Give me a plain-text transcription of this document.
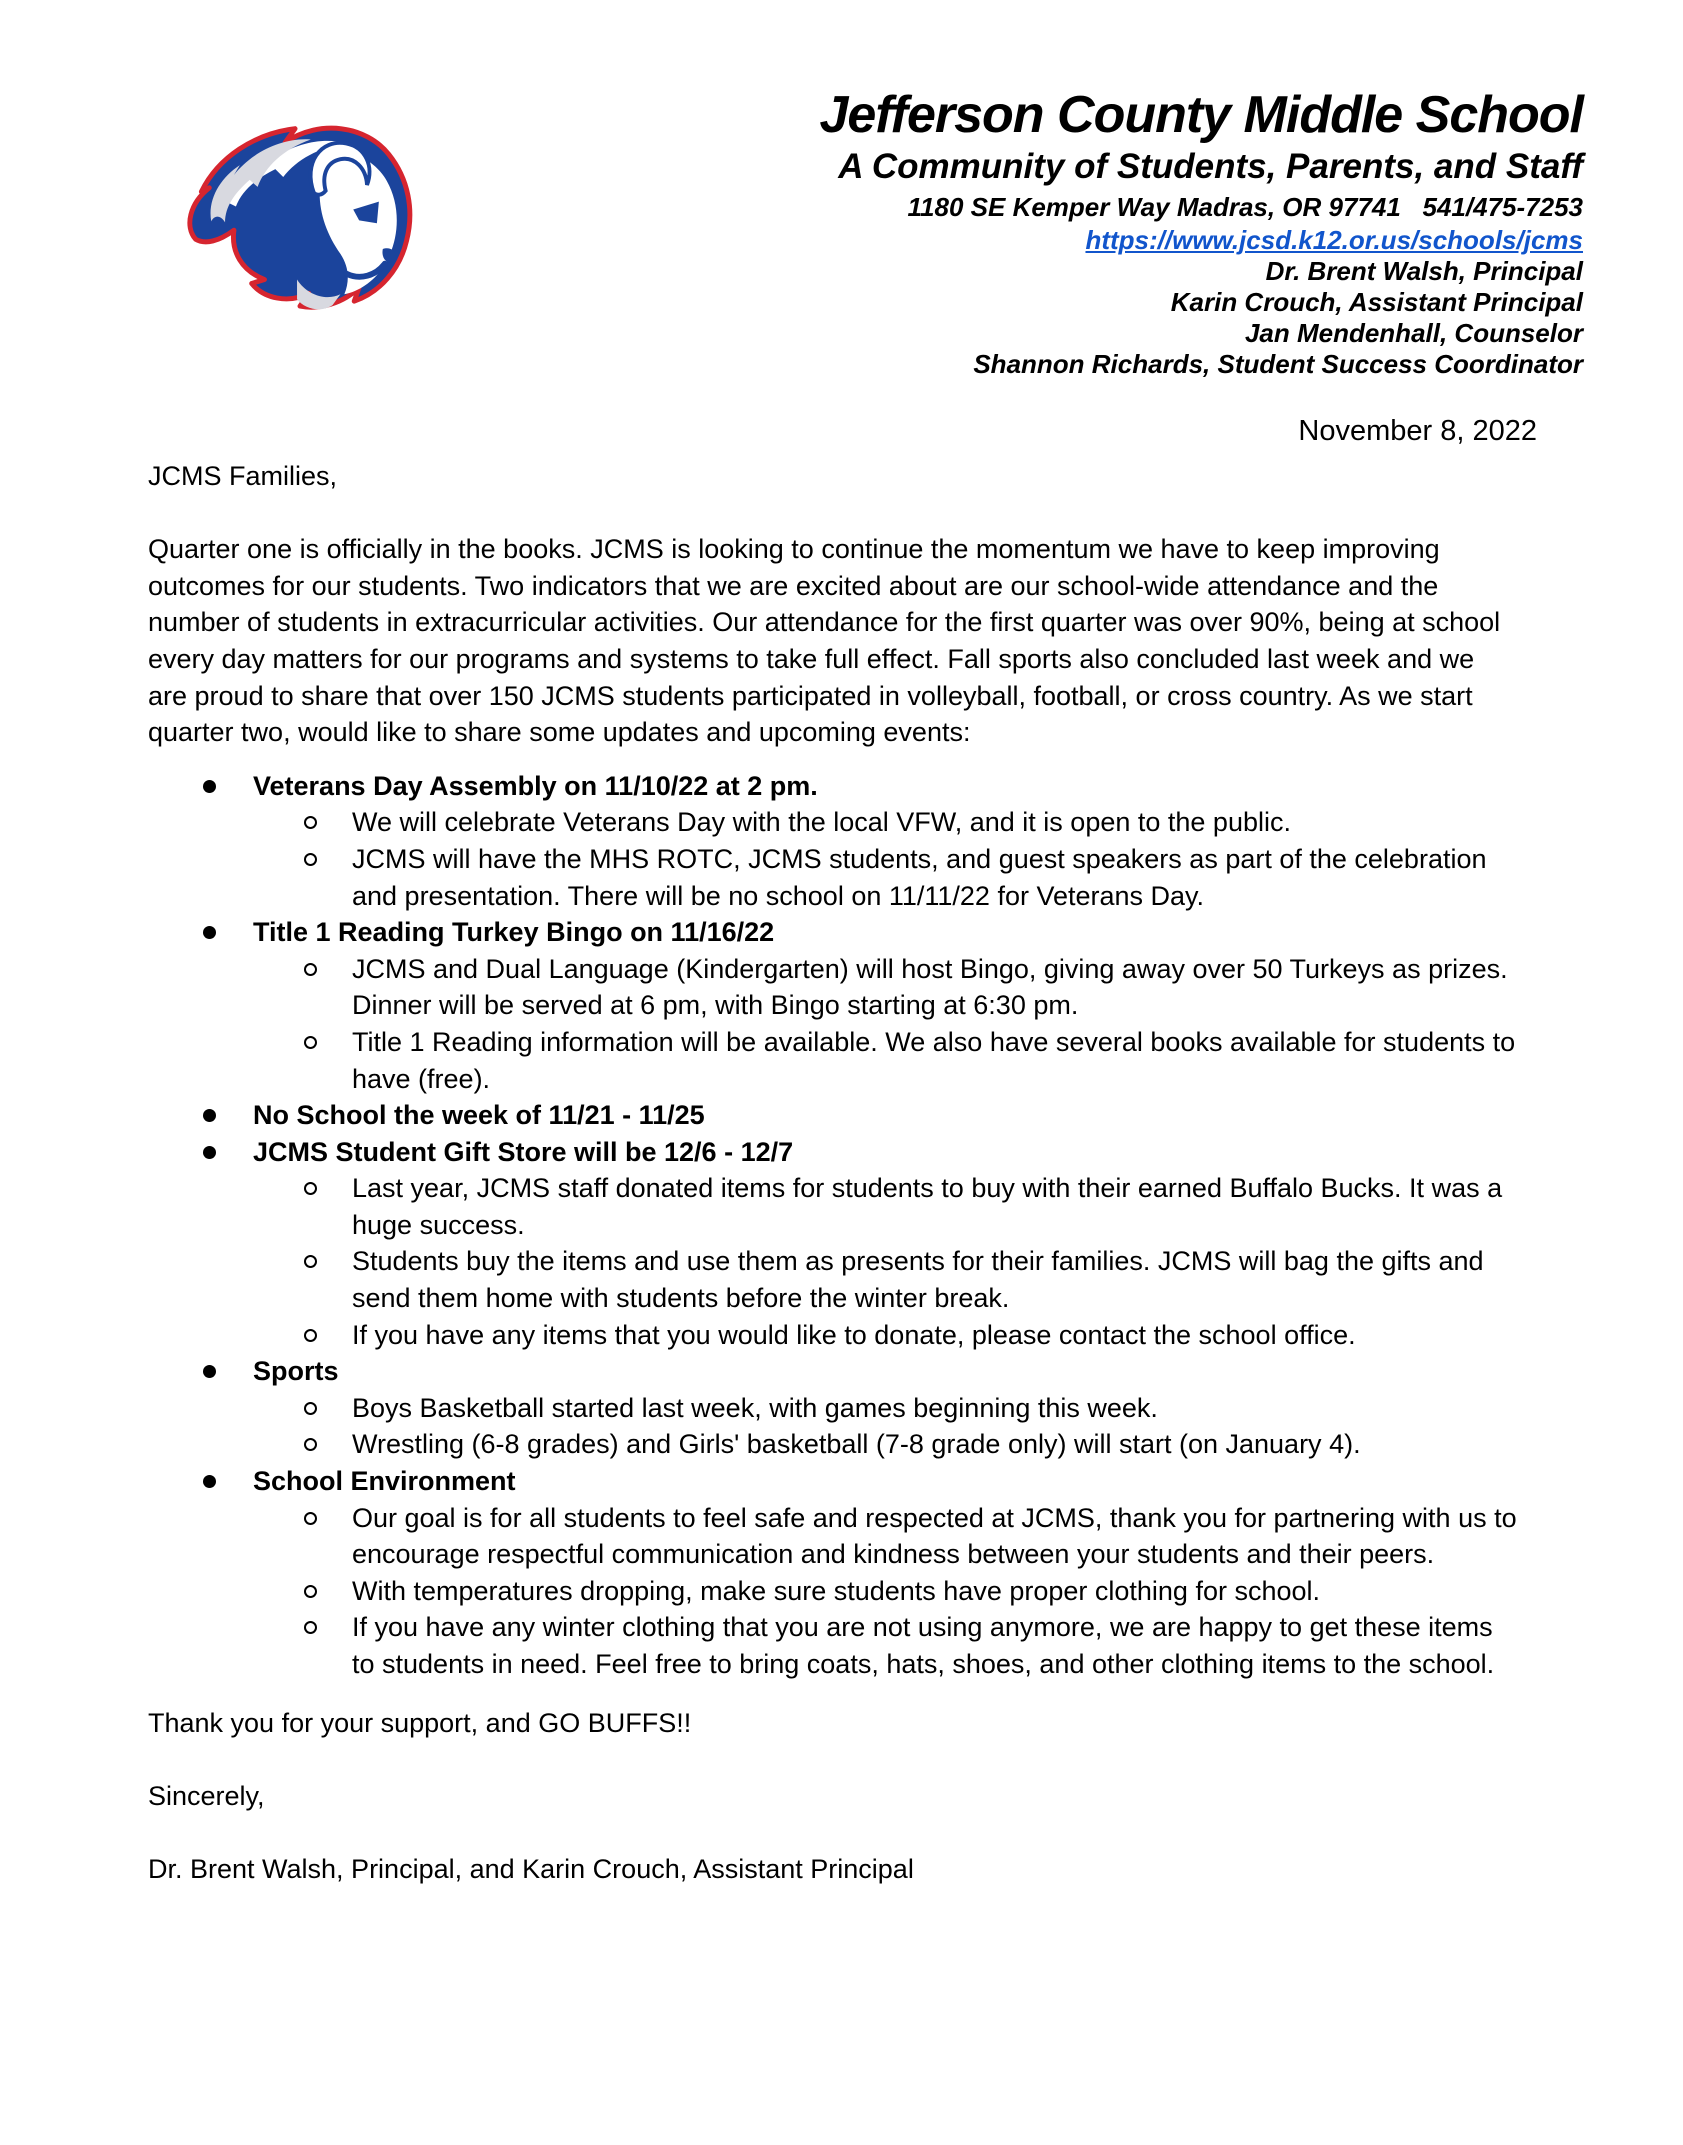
Jefferson County Middle School
A Community of Students, Parents, and Staff
1180 SE Kemper Way Madras, OR 97741   541/475-7253
https://www.jcsd.k12.or.us/schools/jcms
Dr. Brent Walsh, Principal
Karin Crouch, Assistant Principal
Jan Mendenhall, Counselor
Shannon Richards, Student Success Coordinator
November 8, 2022
JCMS Families,
Quarter one is officially in the books. JCMS is looking to continue the momentum we have to keep improving
outcomes for our students. Two indicators that we are excited about are our school-wide attendance and the
number of students in extracurricular activities. Our attendance for the first quarter was over 90%, being at school
every day matters for our programs and systems to take full effect. Fall sports also concluded last week and we
are proud to share that over 150 JCMS students participated in volleyball, football, or cross country. As we start
quarter two, would like to share some updates and upcoming events:
Veterans Day Assembly on 11/10/22 at 2 pm.
We will celebrate Veterans Day with the local VFW, and it is open to the public.
JCMS will have the MHS ROTC, JCMS students, and guest speakers as part of the celebration
and presentation. There will be no school on 11/11/22 for Veterans Day.
Title 1 Reading Turkey Bingo on 11/16/22
JCMS and Dual Language (Kindergarten) will host Bingo, giving away over 50 Turkeys as prizes.
Dinner will be served at 6 pm, with Bingo starting at 6:30 pm.
Title 1 Reading information will be available. We also have several books available for students to
have (free).
No School the week of 11/21 - 11/25
JCMS Student Gift Store will be 12/6 - 12/7
Last year, JCMS staff donated items for students to buy with their earned Buffalo Bucks. It was a
huge success.
Students buy the items and use them as presents for their families. JCMS will bag the gifts and
send them home with students before the winter break.
If you have any items that you would like to donate, please contact the school office.
Sports
Boys Basketball started last week, with games beginning this week.
Wrestling (6-8 grades) and Girls' basketball (7-8 grade only) will start (on January 4).
School Environment
Our goal is for all students to feel safe and respected at JCMS, thank you for partnering with us to
encourage respectful communication and kindness between your students and their peers.
With temperatures dropping, make sure students have proper clothing for school.
If you have any winter clothing that you are not using anymore, we are happy to get these items
to students in need. Feel free to bring coats, hats, shoes, and other clothing items to the school.
Thank you for your support, and GO BUFFS!!
Sincerely,
Dr. Brent Walsh, Principal, and Karin Crouch, Assistant Principal
